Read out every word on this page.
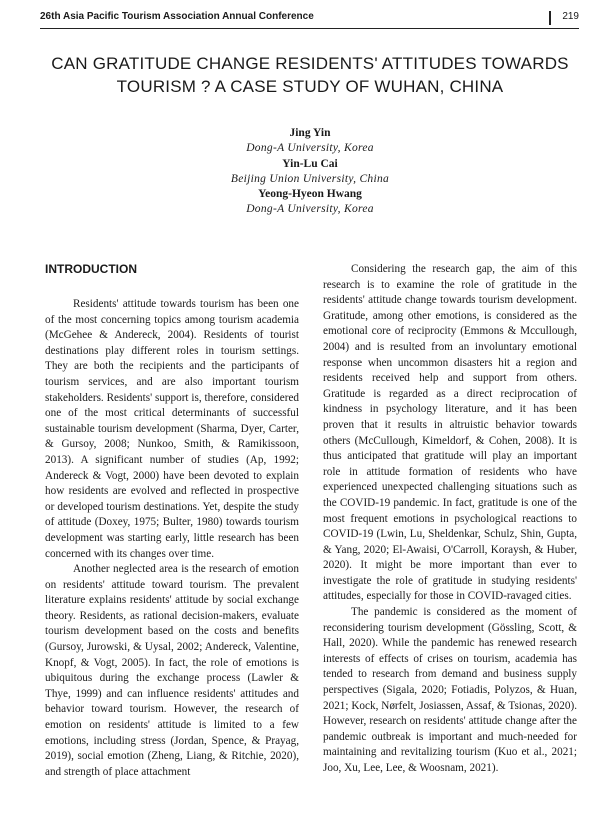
26th Asia Pacific Tourism Association Annual Conference	219
CAN GRATITUDE CHANGE RESIDENTS' ATTITUDES TOWARDS
TOURISM ? A CASE STUDY OF WUHAN, CHINA
Jing Yin
Dong-A University, Korea
Yin-Lu Cai
Beijing Union University, China
Yeong-Hyeon Hwang
Dong-A University, Korea
INTRODUCTION

Residents' attitude towards tourism has been one of the most concerning topics among tourism academia (McGehee & Andereck, 2004). Residents of tourist destinations play different roles in tourism settings. They are both the recipients and the participants of tourism services, and are also important tourism stakeholders. Residents' support is, therefore, considered one of the most critical determinants of successful sustainable tourism development (Sharma, Dyer, Carter, & Gursoy, 2008; Nunkoo, Smith, & Ramikissoon, 2013). A significant number of studies (Ap, 1992; Andereck & Vogt, 2000) have been devoted to explain how residents are evolved and reflected in prospective or developed tourism destinations. Yet, despite the study of attitude (Doxey, 1975; Bulter, 1980) towards tourism development was starting early, little research has been concerned with its changes over time.

Another neglected area is the research of emotion on residents' attitude toward tourism. The prevalent literature explains residents' attitude by social exchange theory. Residents, as rational decision-makers, evaluate tourism development based on the costs and benefits (Gursoy, Jurowski, & Uysal, 2002; Andereck, Valentine, Knopf, & Vogt, 2005). In fact, the role of emotions is ubiquitous during the exchange process (Lawler & Thye, 1999) and can influence residents' attitudes and behavior toward tourism. However, the research of emotion on residents' attitude is limited to a few emotions, including stress (Jordan, Spence, & Prayag, 2019), social emotion (Zheng, Liang, & Ritchie, 2020), and strength of place attachment

Considering the research gap, the aim of this research is to examine the role of gratitude in the residents' attitude change towards tourism development. Gratitude, among other emotions, is considered as the emotional core of reciprocity (Emmons & Mccullough, 2004) and is resulted from an involuntary emotional response when uncommon disasters hit a region and residents received help and support from others. Gratitude is regarded as a direct reciprocation of kindness in psychology literature, and it has been proven that it results in altruistic behavior towards others (McCullough, Kimeldorf, & Cohen, 2008). It is thus anticipated that gratitude will play an important role in attitude formation of residents who have experienced unexpected challenging situations such as the COVID-19 pandemic. In fact, gratitude is one of the most frequent emotions in psychological reactions to COVID-19 (Lwin, Lu, Sheldenkar, Schulz, Shin, Gupta, & Yang, 2020; El-Awaisi, O'Carroll, Koraysh, & Huber, 2020). It might be more important than ever to investigate the role of gratitude in studying residents' attitudes, especially for those in COVID-ravaged cities.

The pandemic is considered as the moment of reconsidering tourism development (Gössling, Scott, & Hall, 2020). While the pandemic has renewed research interests of effects of crises on tourism, academia has tended to research from demand and business supply perspectives (Sigala, 2020; Fotiadis, Polyzos, & Huan, 2021; Kock, Nørfelt, Josiassen, Assaf, & Tsionas, 2020). However, research on residents' attitude change after the pandemic outbreak is important and much-needed for maintaining and revitalizing tourism (Kuo et al., 2021; Joo, Xu, Lee, Lee, & Woosnam, 2021).
